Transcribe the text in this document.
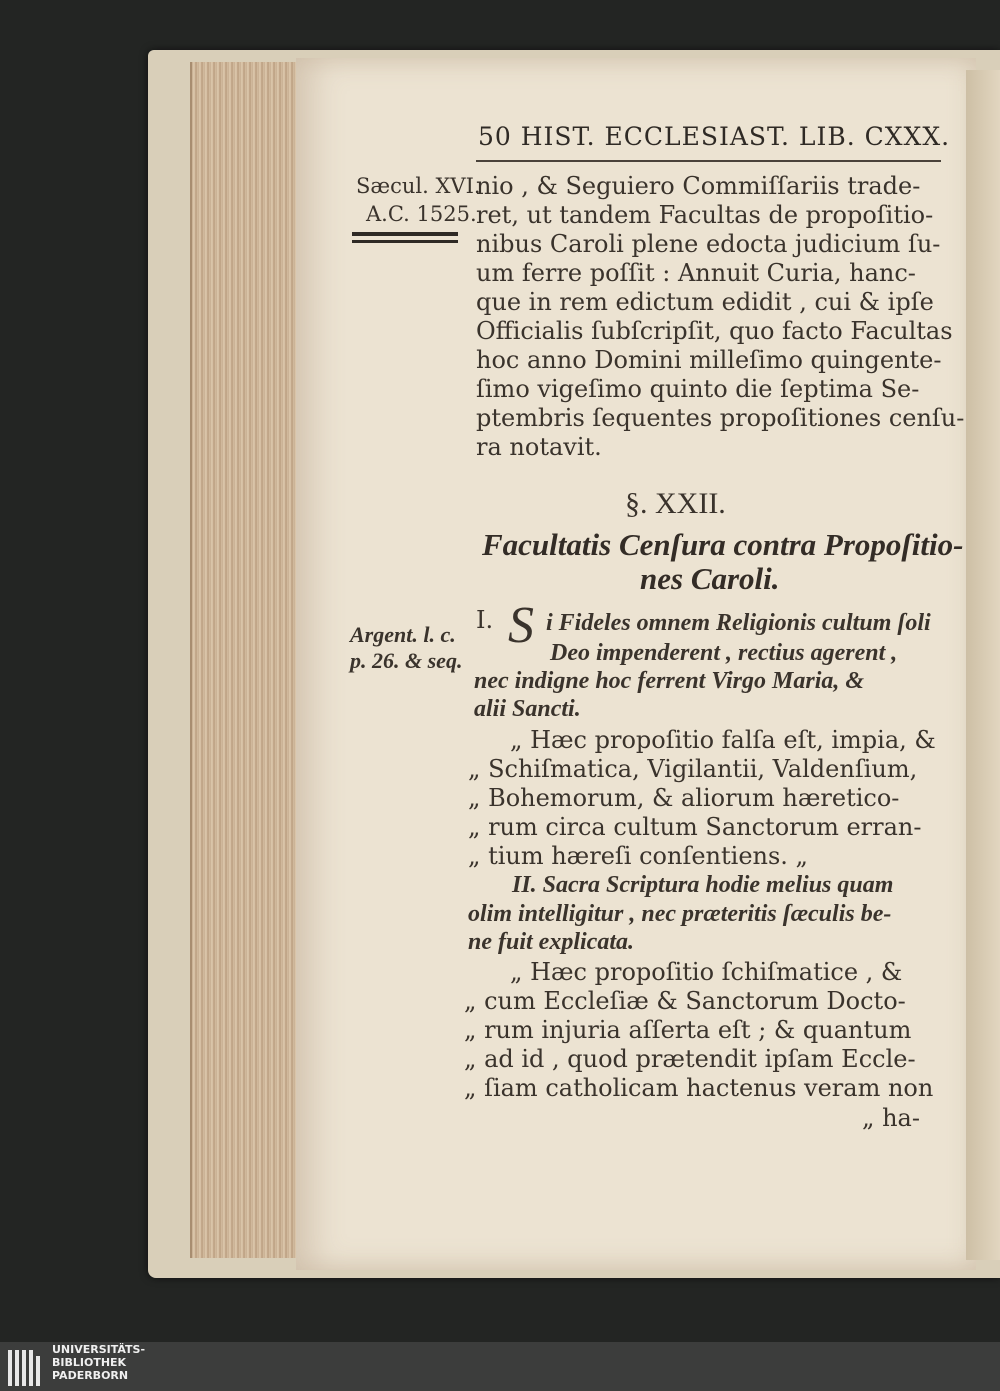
50 HIST. ECCLESIAST. LIB. CXXX.
Sæcul. XVI.
A.C. 1525.
nio , & Seguiero Commiſſariis trade-
ret, ut tandem Facultas de propoſitio-
nibus Caroli plene edocta judicium ſu-
um ferre poſſit : Annuit Curia, hanc-
que in rem edictum edidit , cui & ipſe
Officialis ſubſcripſit, quo facto Facultas
hoc anno Domini milleſimo quingente-
ſimo vigeſimo quinto die ſeptima Se-
ptembris ſequentes propoſitiones cenſu-
ra notavit.
§. XXII.
Facultatis Cenſura contra Propoſitio-
nes Caroli.
Argent. l. c.
p. 26. & seq.
I. S i Fideles omnem Religionis cultum ſoli
Deo impenderent , rectius agerent ,
nec indigne hoc ferrent Virgo Maria, &
alii Sancti.
„ Hæc propoſitio falſa eſt, impia, &
„ Schiſmatica, Vigilantii, Valdenſium,
„ Bohemorum, & aliorum hæretico-
„ rum circa cultum Sanctorum erran-
„ tium hæreſi conſentiens. „
II. Sacra Scriptura hodie melius quam
olim intelligitur , nec præteritis ſæculis be-
ne fuit explicata.
„ Hæc propoſitio ſchiſmatice , &
„ cum Eccleſiæ & Sanctorum Docto-
„ rum injuria aſſerta eſt ; & quantum
„ ad id , quod prætendit ipſam Eccle-
„ ſiam catholicam hactenus veram non
„ ha-
UNIVERSITÄTS-
BIBLIOTHEK
PADERBORN
